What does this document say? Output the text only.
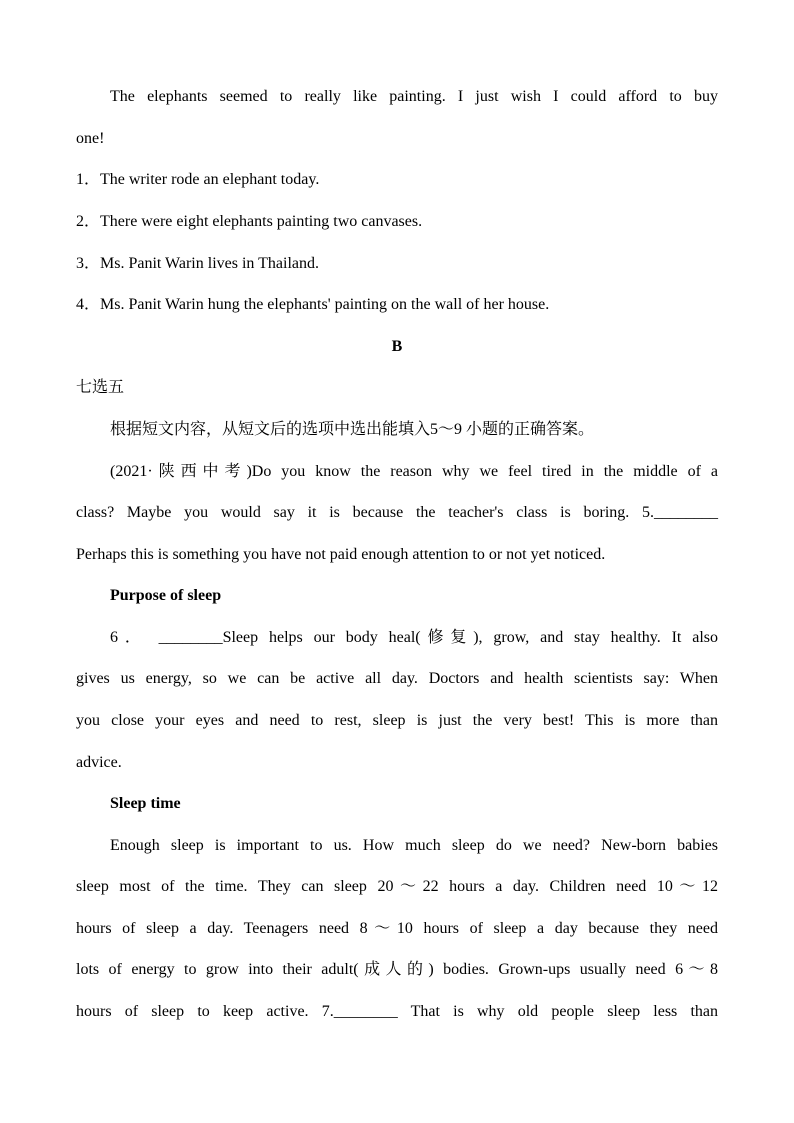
The elephants seemed to really like painting. I just wish I could afford to buy
one!
1．The writer rode an elephant today.
2．There were eight elephants painting two canvases.
3．Ms. Panit Warin lives in Thailand.
4．Ms. Panit Warin hung the elephants' painting on the wall of her house.
B
七选五
根据短文内容，从短文后的选项中选出能填入5～9 小题的正确答案。
(2021·陕西中考)Do you know the reason why we feel tired in the middle of a
class? Maybe you would say it is because the teacher's class is boring. 5.________
Perhaps this is something you have not paid enough attention to or not yet noticed.
Purpose of sleep
6． ________Sleep helps our body heal(修复), grow, and stay healthy. It also
gives us energy, so we can be active all day. Doctors and health scientists say: When
you close your eyes and need to rest, sleep is just the very best! This is more than
advice.
Sleep time
Enough sleep is important to us. How much sleep do we need? New-born babies
sleep most of the time. They can sleep 20～22 hours a day. Children need 10～12
hours of sleep a day. Teenagers need 8～10 hours of sleep a day because they need
lots of energy to grow into their adult(成人的) bodies. Grown-ups usually need 6～8
hours of sleep to keep active. 7.________ That is why old people sleep less than
